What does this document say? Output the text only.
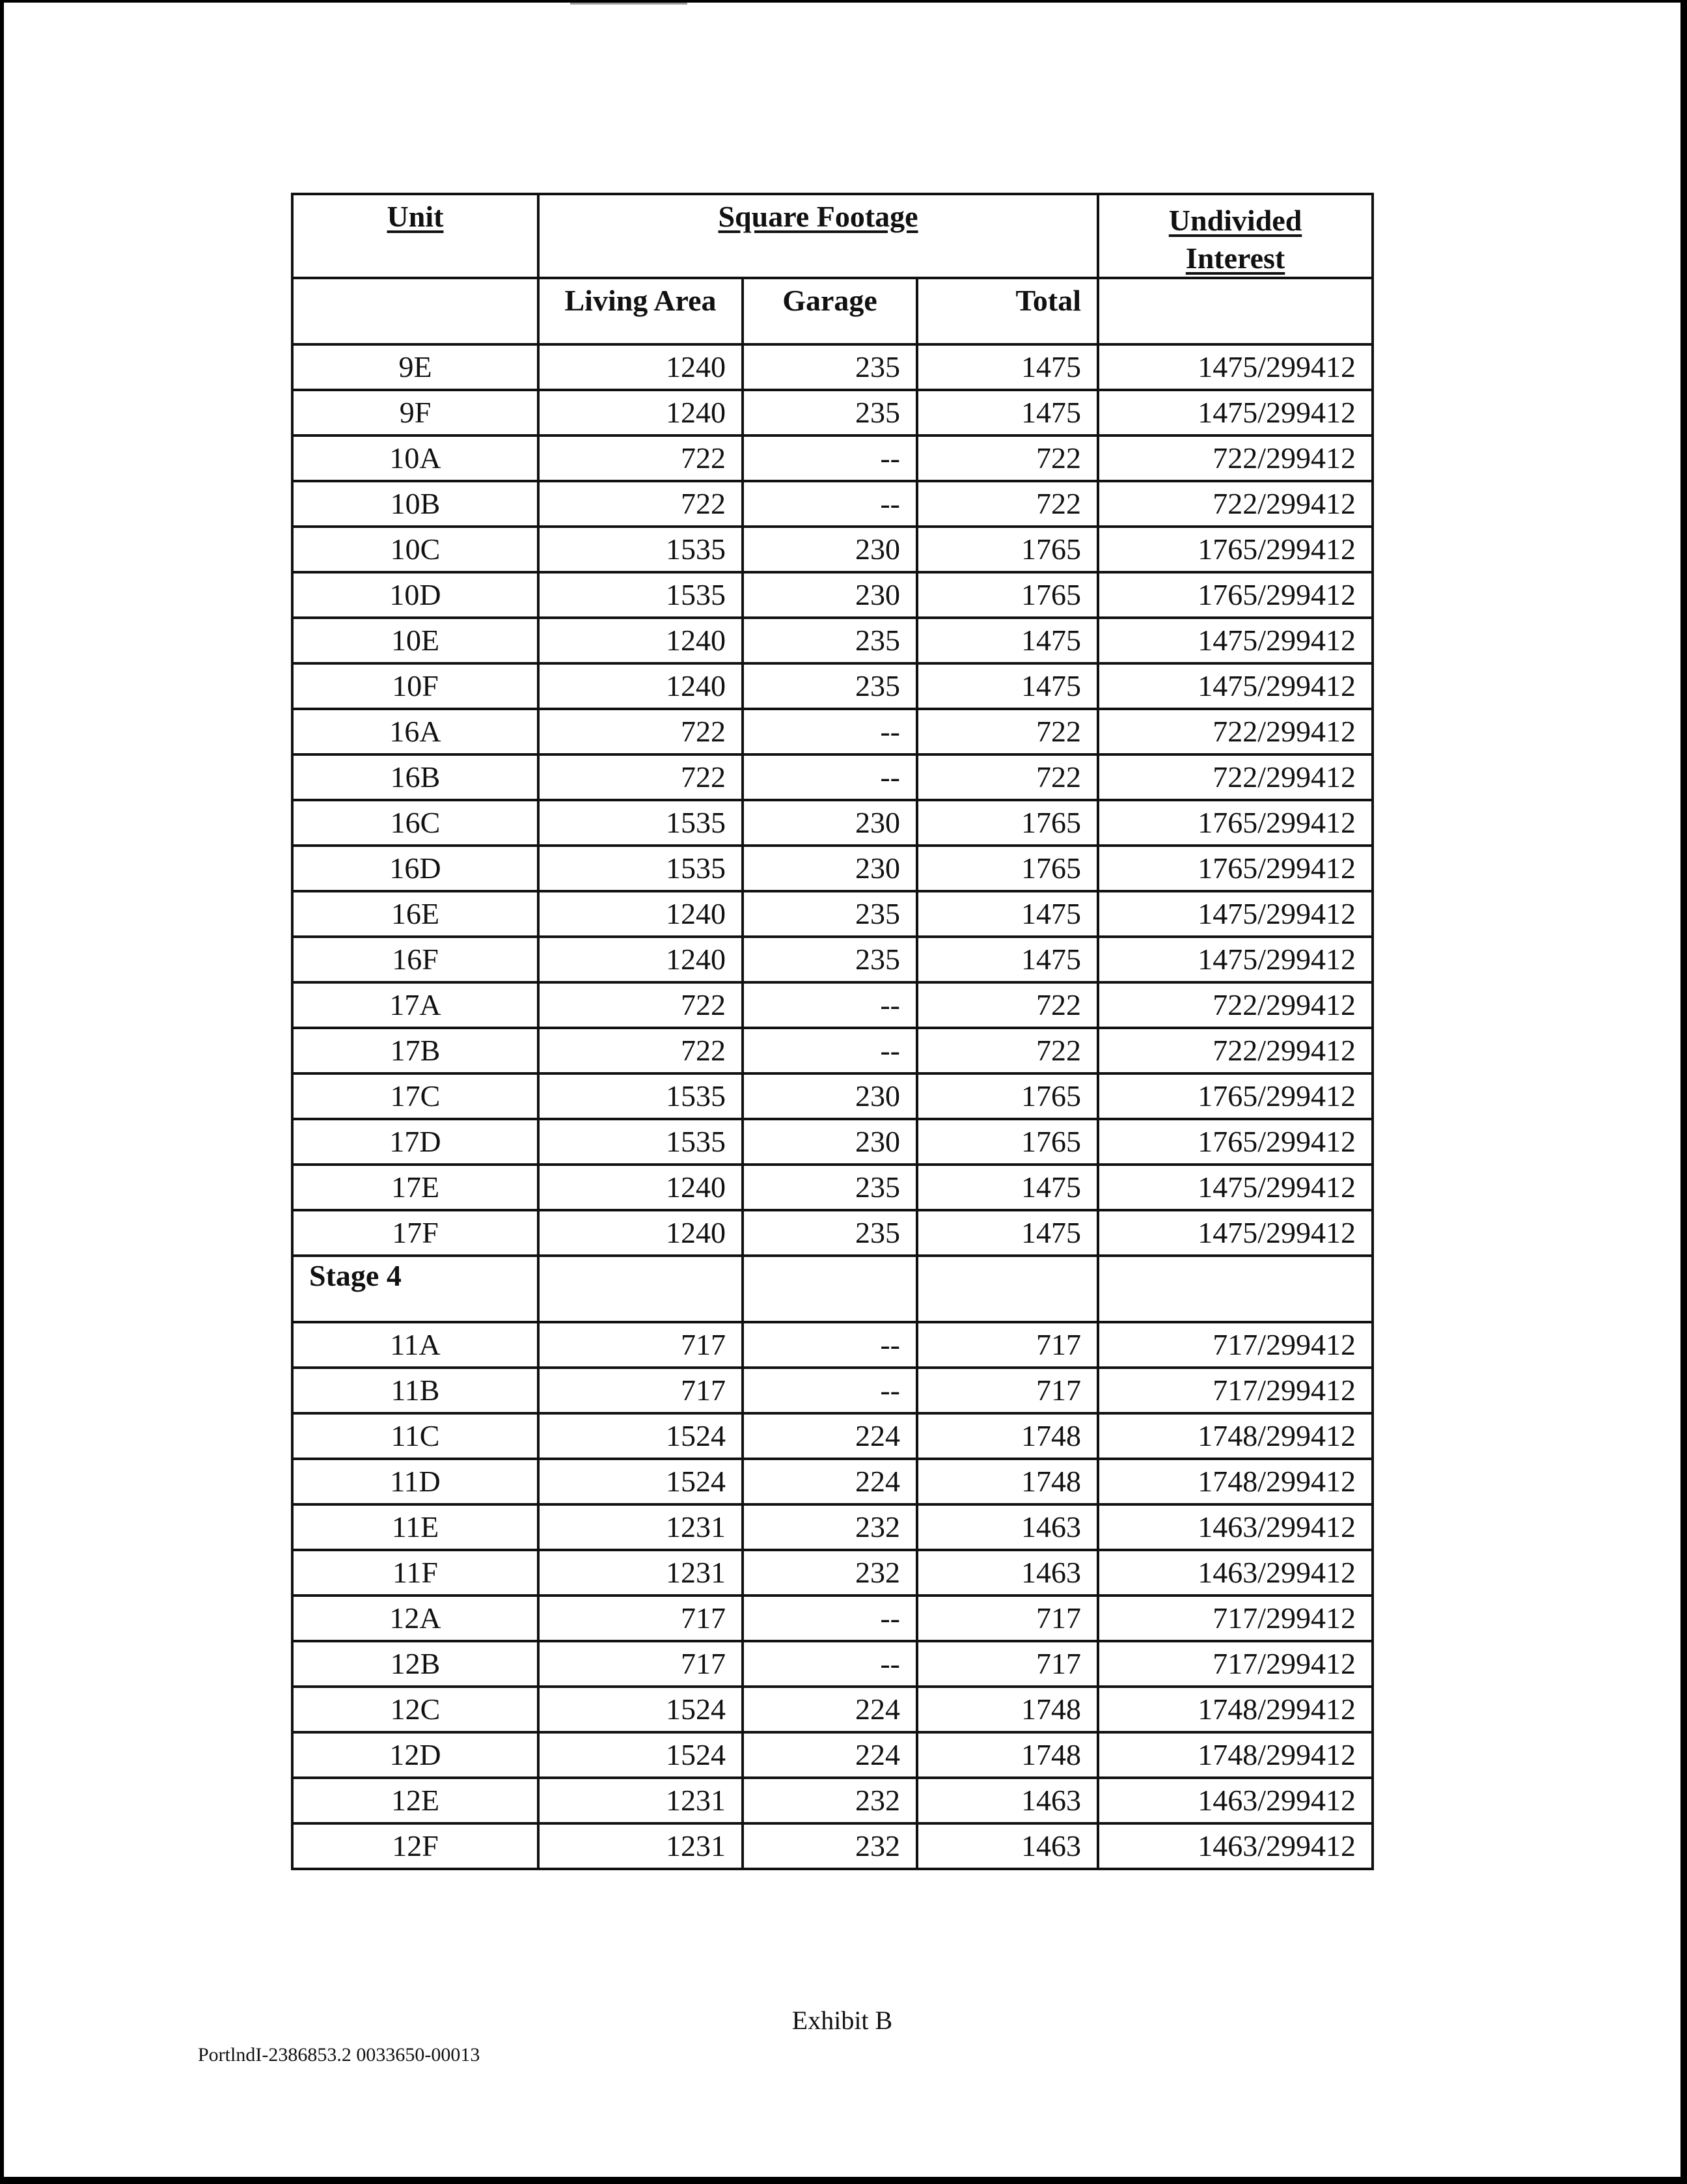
Unit	Square Footage			Undivided
Interest
	Living Area	Garage	Total	
9E	1240	235	1475	1475/299412
9F	1240	235	1475	1475/299412
10A	722	--	722	722/299412
10B	722	--	722	722/299412
10C	1535	230	1765	1765/299412
10D	1535	230	1765	1765/299412
10E	1240	235	1475	1475/299412
10F	1240	235	1475	1475/299412
16A	722	--	722	722/299412
16B	722	--	722	722/299412
16C	1535	230	1765	1765/299412
16D	1535	230	1765	1765/299412
16E	1240	235	1475	1475/299412
16F	1240	235	1475	1475/299412
17A	722	--	722	722/299412
17B	722	--	722	722/299412
17C	1535	230	1765	1765/299412
17D	1535	230	1765	1765/299412
17E	1240	235	1475	1475/299412
17F	1240	235	1475	1475/299412
Stage 4				
11A	717	--	717	717/299412
11B	717	--	717	717/299412
11C	1524	224	1748	1748/299412
11D	1524	224	1748	1748/299412
11E	1231	232	1463	1463/299412
11F	1231	232	1463	1463/299412
12A	717	--	717	717/299412
12B	717	--	717	717/299412
12C	1524	224	1748	1748/299412
12D	1524	224	1748	1748/299412
12E	1231	232	1463	1463/299412
12F	1231	232	1463	1463/299412
Exhibit B
PortlndI-2386853.2 0033650-00013
